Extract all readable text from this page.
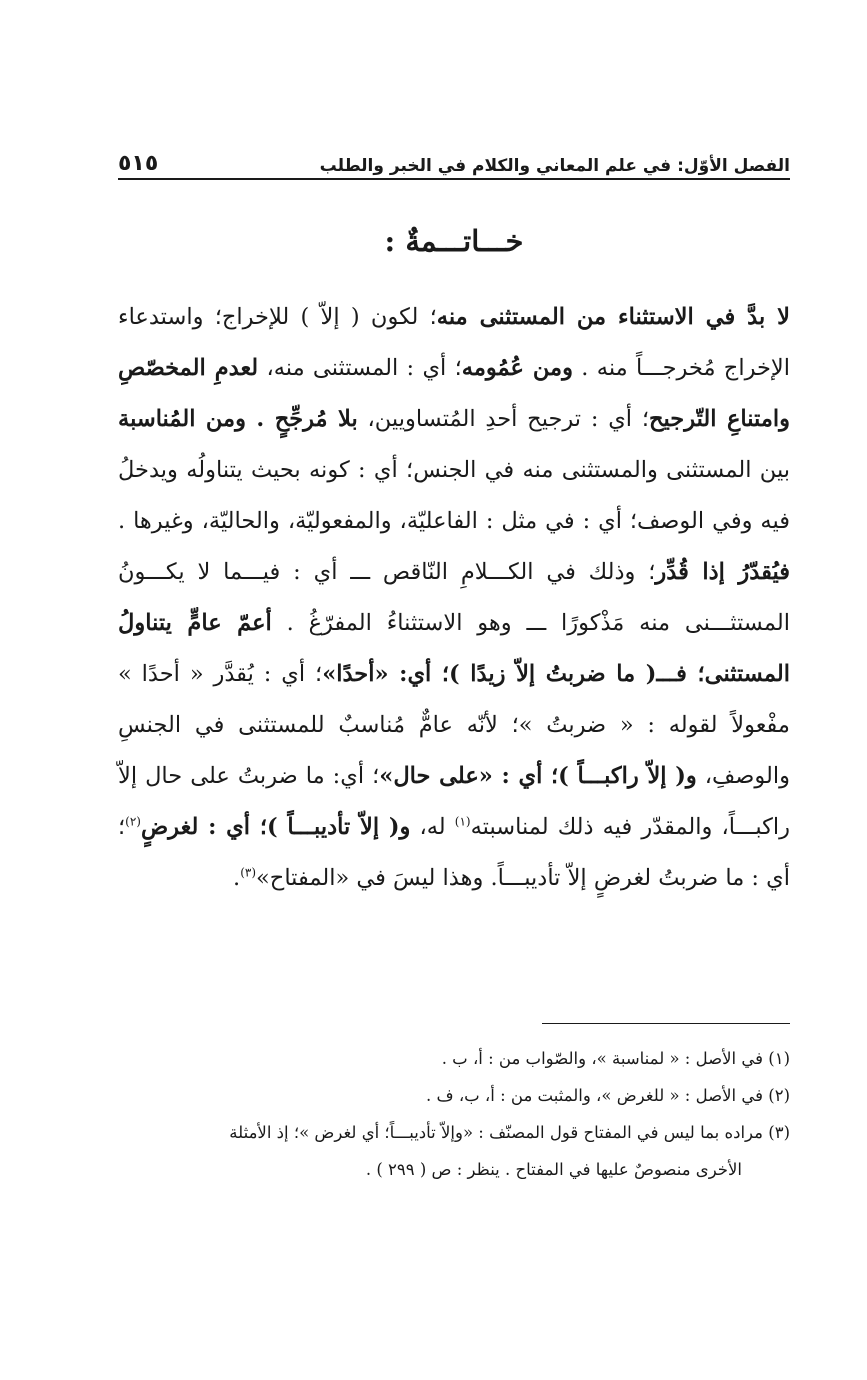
الفصل الأوّل: في علم المعاني والكلام في الخبر والطلب
٥١٥
خـــاتـــمةٌ :
لا بدَّ في الاستثناء من المستثنى منه؛ لكون ( إلاّ ) للإخراج؛ واستدعاء الإخراج مُخرجـــاً منه . ومن عُمُومه؛ أي : المستثنى منه، لعدمِ المخصّصِ وامتناعِ التّرجيح؛ أي : ترجيح أحدِ المُتساويين، بلا مُرجِّحٍ . ومن المُناسبة بين المستثنى والمستثنى منه في الجنس؛ أي : كونه بحيث يتناولُه ويدخلُ فيه وفي الوصف؛ أي : في مثل : الفاعليّة، والمفعوليّة، والحاليّة، وغيرها . فيُقدّرُ إذا قُدِّر؛ وذلك في الكـــلامِ النّاقص ـــ أي : فيـــما لا يكـــونُ المستثـــنى منه مَذْكورًا ـــ وهو الاستثناءُ المفرّغُ . أعمّ عامٍّ يتناولُ المستثنى؛ فـــ( ما ضربتُ إلاّ زيدًا )؛ أي: «أحدًا»؛ أي : يُقدَّر « أحدًا » مفْعولاً لقوله : « ضربتُ »؛ لأنّه عامٌّ مُناسبٌ للمستثنى في الجنسِ والوصفِ، و( إلاّ راكبـــاً )؛ أي : «على حال»؛ أي: ما ضربتُ على حال إلاّ راكبـــاً، والمقدّر فيه ذلك لمناسبته$^{(١)}$ له، و( إلاّ تأديبـــاً )؛ أي : لغرضٍ$^{(٢)}$؛ أي : ما ضربتُ لغرضٍ إلاّ تأديبـــاً. وهذا ليسَ في «المفتاح»$^{(٣)}$.

(١) في الأصل : « لمناسبة »، والصّواب من : أ، ب .

(٢) في الأصل : « للغرض »، والمثبت من : أ، ب، ف .

(٣) مراده بما ليس في المفتاح قول المصنّف : «وإلاّ تأديبـــاً؛ أي لغرض »؛ إذ الأمثلة

الأخرى منصوصٌ عليها في المفتاح . ينظر : ص ( ٢٩٩ ) .
